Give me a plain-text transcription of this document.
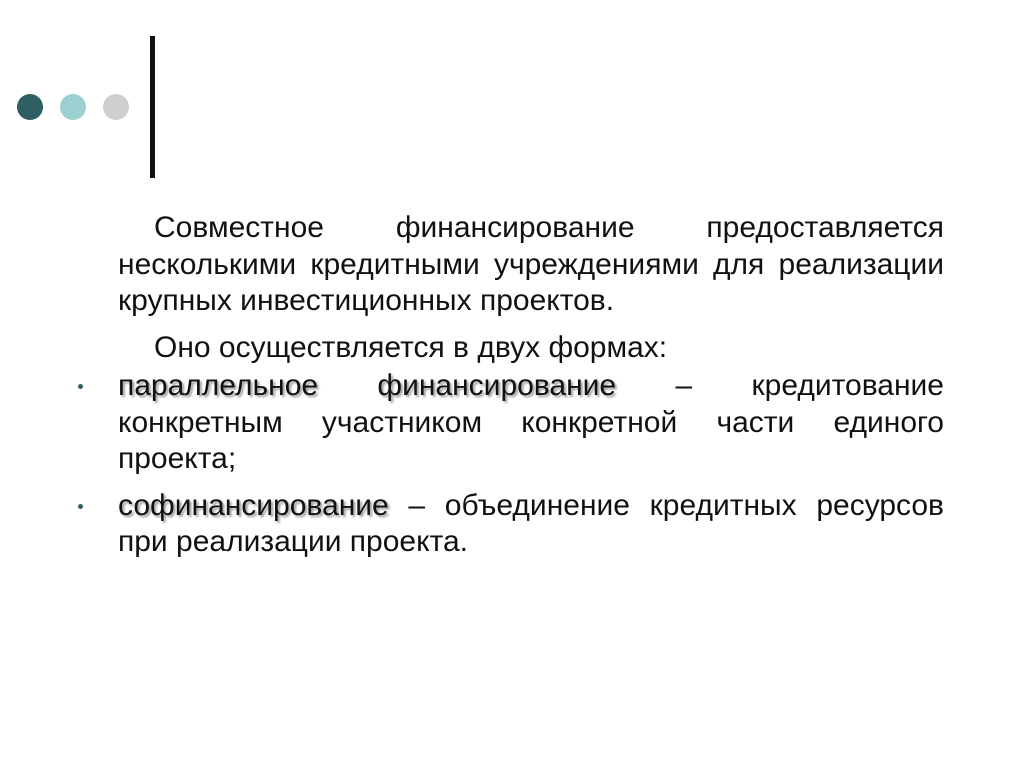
Совместное финансирование предоставляется несколькими кредитными учреждениями для реализации крупных инвестиционных проектов.

Оно осуществляется в двух формах:

параллельное финансирование – кредитование конкретным участником конкретной части единого проекта;
софинансирование – объединение кредитных ресурсов при реализации проекта.
